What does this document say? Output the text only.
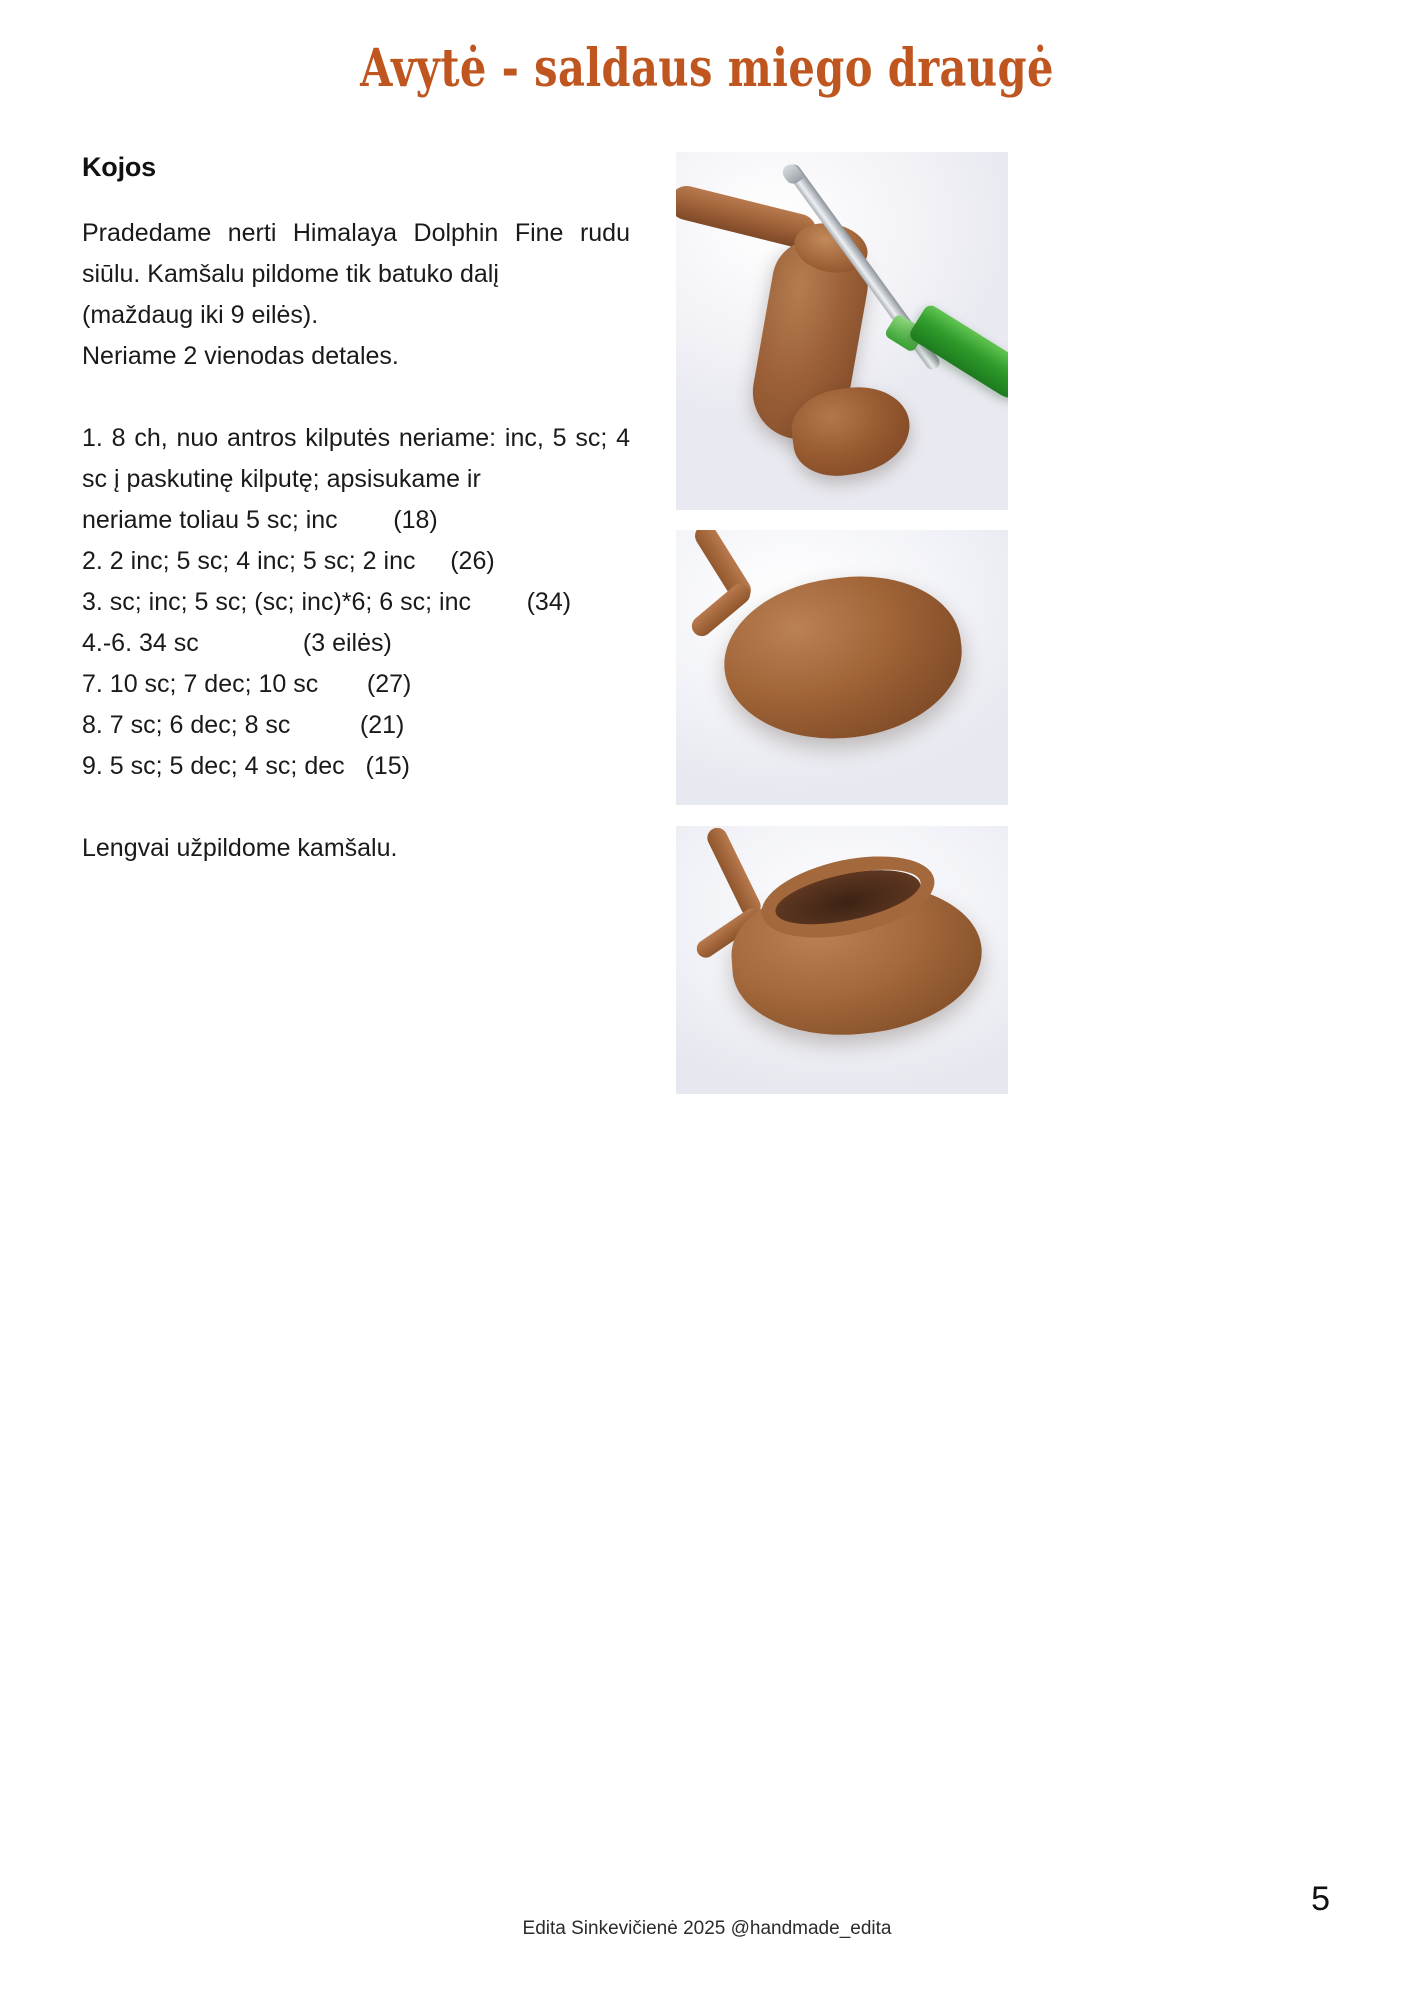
Avytė - saldaus miego draugė
Kojos
Pradedame nerti Himalaya Dolphin Fine rudu siūlu. Kamšalu pildome tik batuko dalį
(maždaug iki 9 eilės).
Neriame 2 vienodas detales.
1. 8 ch, nuo antros kilputės neriame: inc, 5 sc; 4 sc į paskutinę kilputę; apsisukame ir
neriame toliau 5 sc; inc (18)
2. 2 inc; 5 sc; 4 inc; 5 sc; 2 inc (26)
3. sc; inc; 5 sc; (sc; inc)*6; 6 sc; inc (34)
4.-6. 34 sc	(3 eilės)
7. 10 sc; 7 dec; 10 sc (27)
8. 7 sc; 6 dec; 8 sc	(21)
9. 5 sc; 5 dec; 4 sc; dec (15)
Lengvai užpildome kamšalu.
5
Edita Sinkevičienė 2025 @handmade_edita
